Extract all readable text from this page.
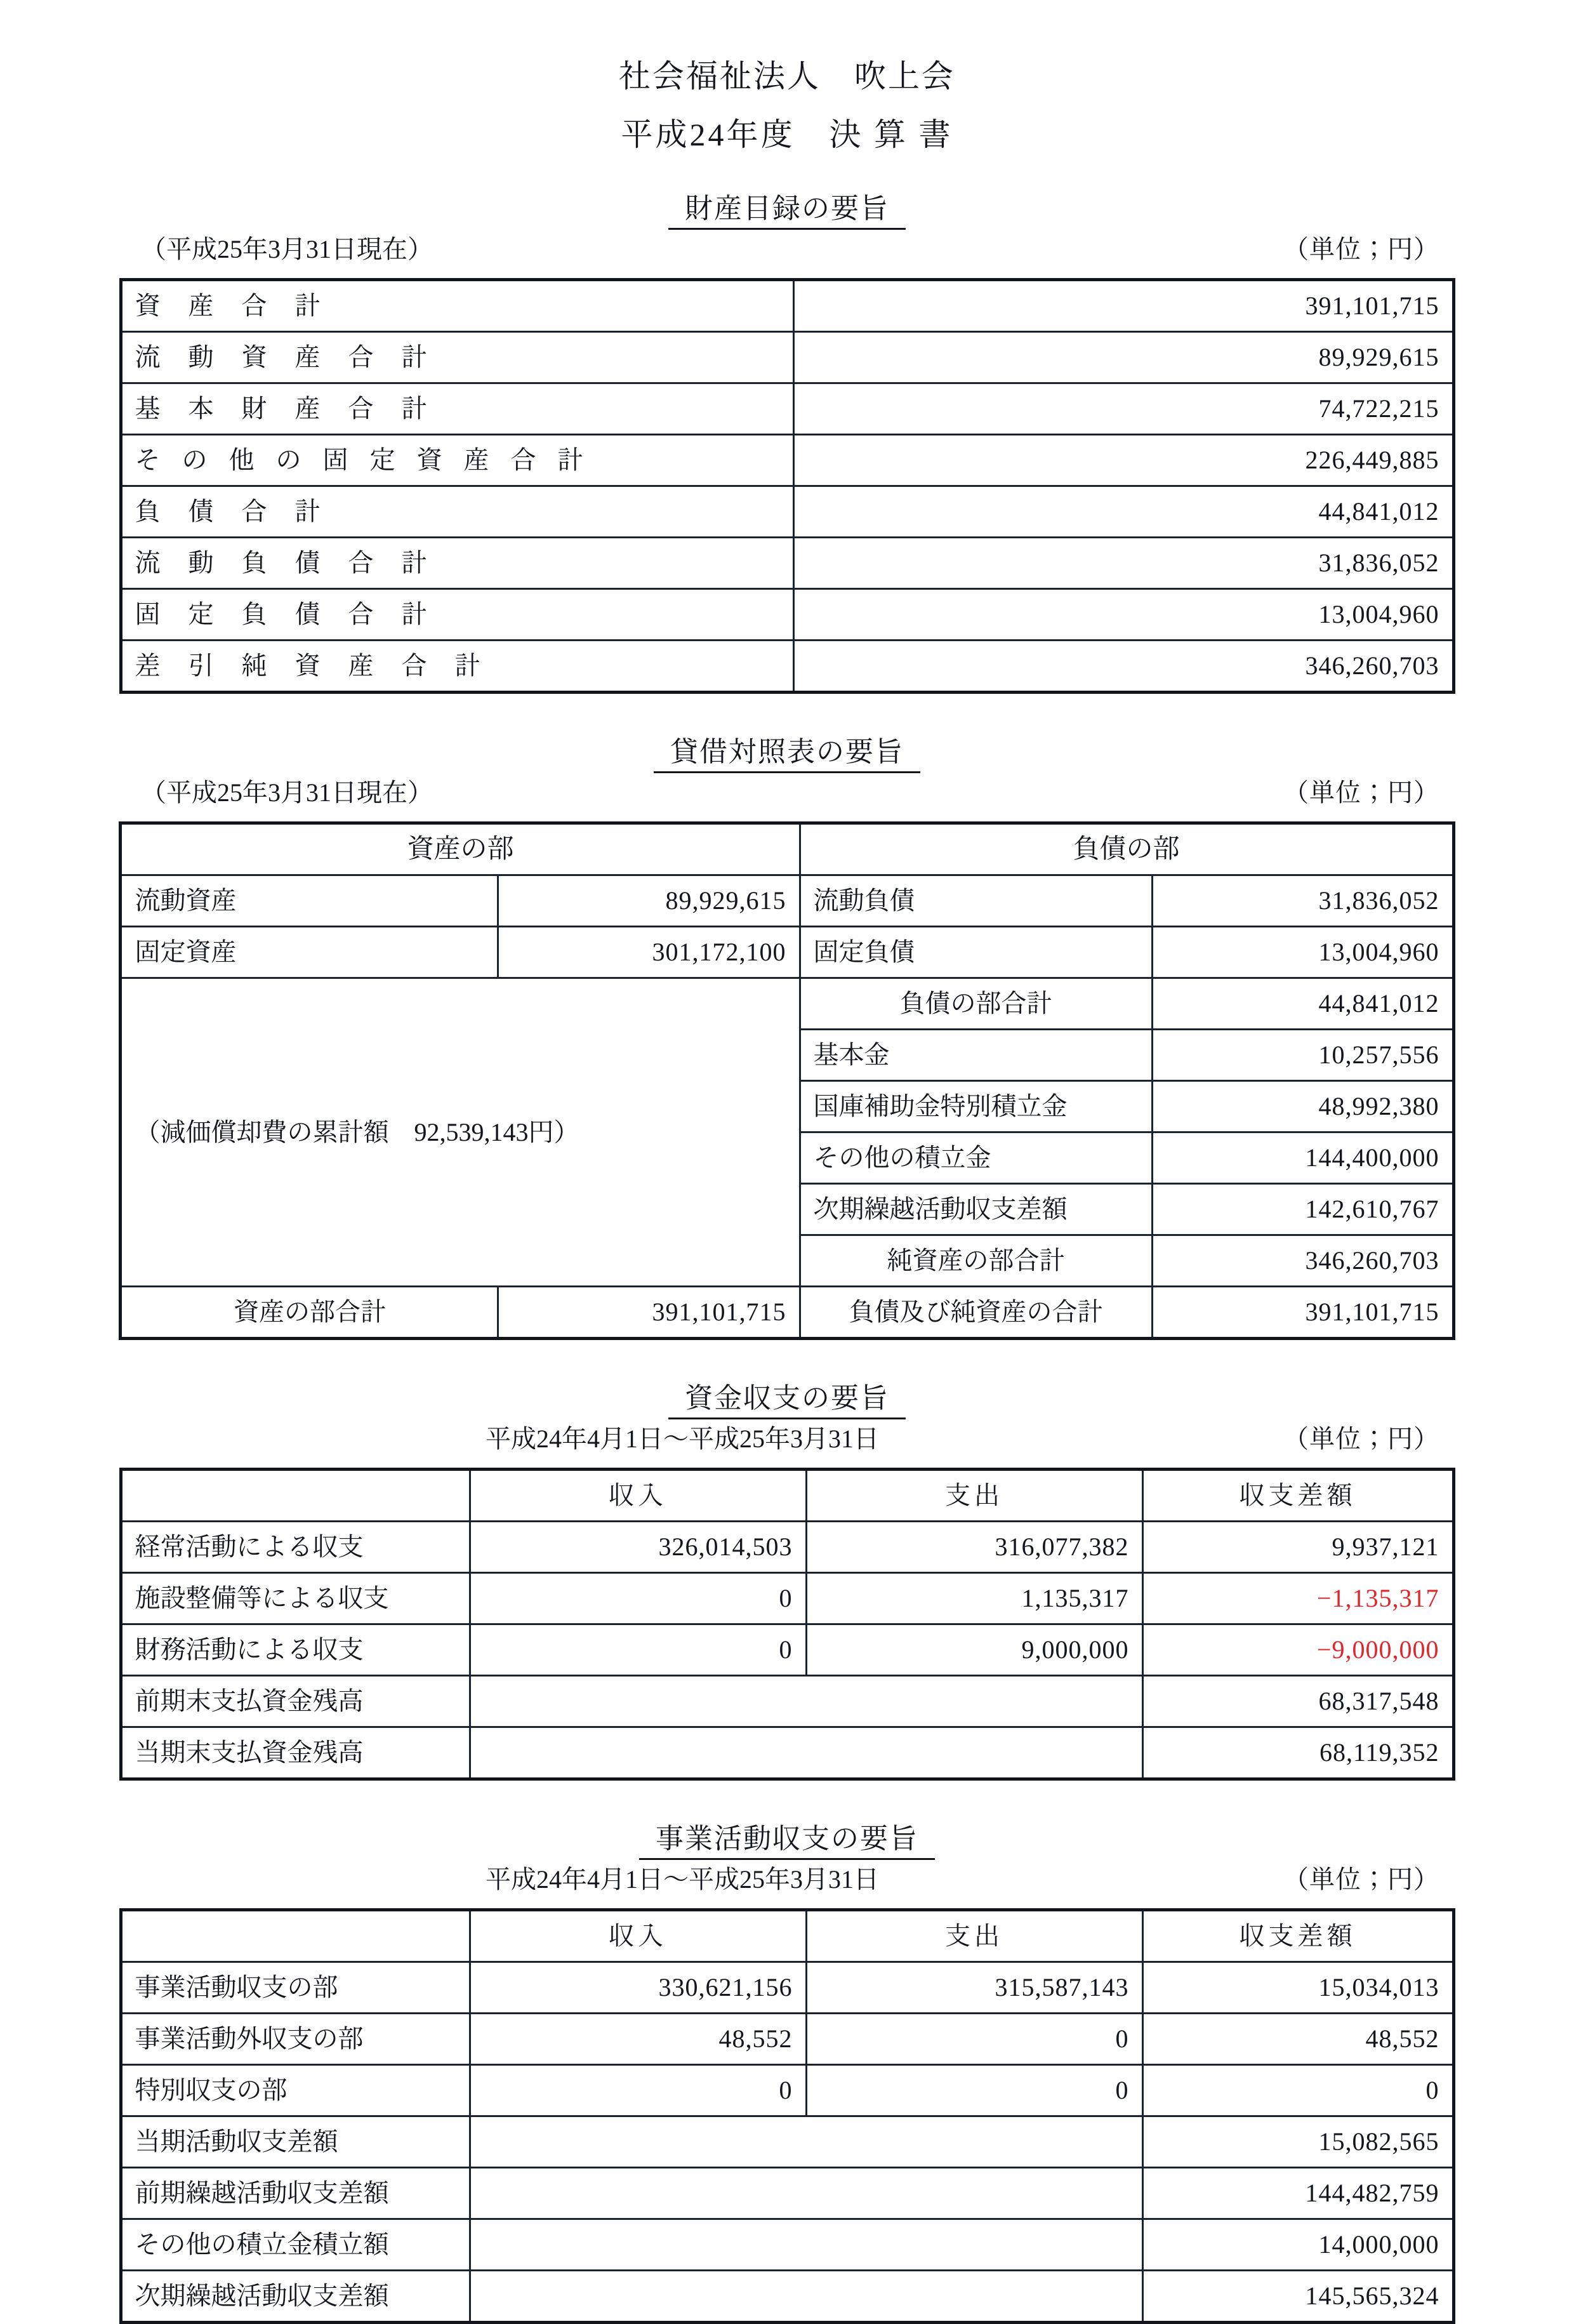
社会福祉法人　吹上会
平成24年度　決 算 書
財産目録の要旨
（平成25年3月31日現在）	（単位；円）
資 産 合 計	391,101,715
流 動 資 産 合 計	89,929,615
基 本 財 産 合 計	74,722,215
そ の 他 の 固 定 資 産 合 計	226,449,885
負 債 合 計	44,841,012
流 動 負 債 合 計	31,836,052
固 定 負 債 合 計	13,004,960
差 引 純 資 産 合 計	346,260,703
貸借対照表の要旨
（平成25年3月31日現在）	（単位；円）
資産の部		負債の部	
流動資産	89,929,615	流動負債	31,836,052
固定資産	301,172,100	固定負債	13,004,960
（減価償却費の累計額　92,539,143円）		負債の部合計	44,841,012
		基本金	10,257,556
		国庫補助金特別積立金	48,992,380
		その他の積立金	144,400,000
		次期繰越活動収支差額	142,610,767
		純資産の部合計	346,260,703
資産の部合計	391,101,715	負債及び純資産の合計	391,101,715
資金収支の要旨
平成24年4月1日～平成25年3月31日	（単位；円）
	収入	支出	収支差額
経常活動による収支	326,014,503	316,077,382	9,937,121
施設整備等による収支	0	1,135,317	−1,135,317
財務活動による収支	0	9,000,000	−9,000,000
前期末支払資金残高			68,317,548
当期末支払資金残高			68,119,352
事業活動収支の要旨
平成24年4月1日～平成25年3月31日	（単位；円）
	収入	支出	収支差額
事業活動収支の部	330,621,156	315,587,143	15,034,013
事業活動外収支の部	48,552	0	48,552
特別収支の部	0	0	0
当期活動収支差額			15,082,565
前期繰越活動収支差額			144,482,759
その他の積立金積立額			14,000,000
次期繰越活動収支差額			145,565,324
